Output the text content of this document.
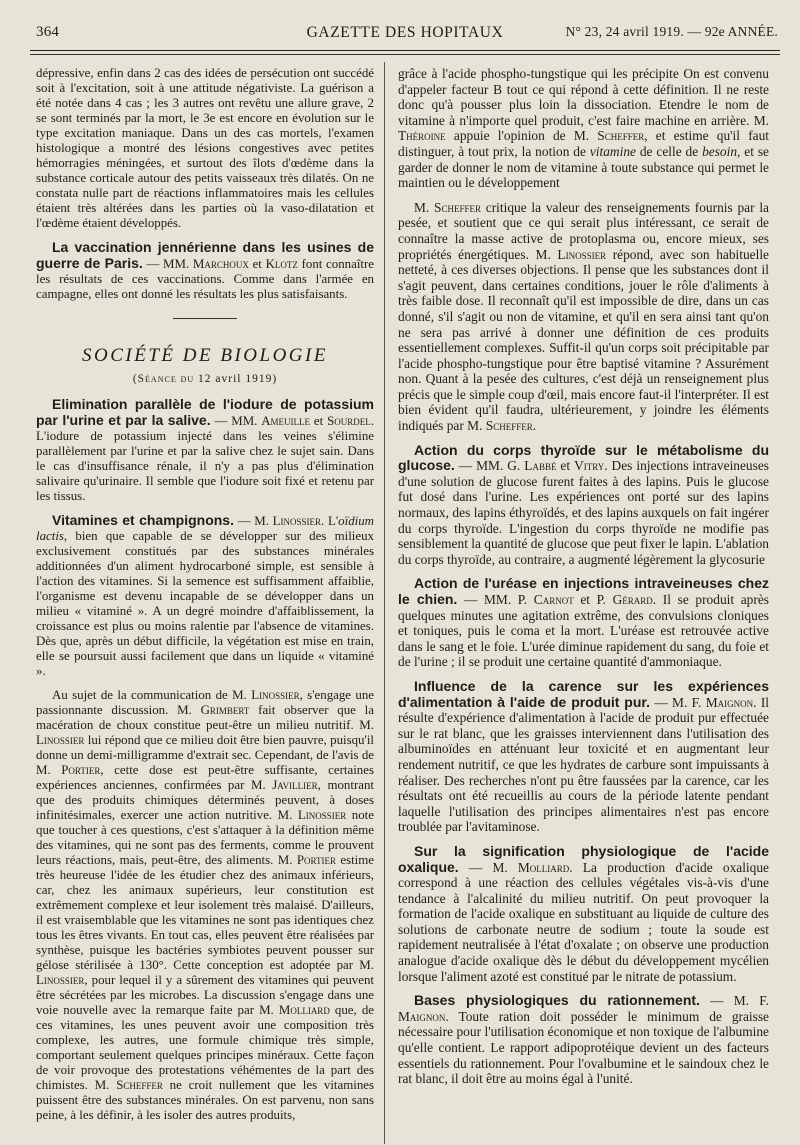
364	GAZETTE DES HOPITAUX	N° 23, 24 avril 1919. — 92e ANNÉE.

dépressive, enfin dans 2 cas des idées de persécution ont succédé soit à l'excitation, soit à une attitude négativiste. La guérison a été notée dans 4 cas ; les 3 autres ont revêtu une allure grave, 2 se sont terminés par la mort, le 3e est encore en évolution sur le type excitation maniaque. Dans un des cas mortels, l'examen histologique a montré des lésions congestives avec petites hémorragies méningées, et surtout des îlots d'œdème dans la substance corticale autour des petits vaisseaux très dilatés. On ne constata nulle part de réactions inflammatoires mais les cellules étaient très altérées dans les parties où la vaso-dilatation et l'œdème étaient développés.

La vaccination jennérienne dans les usines de guerre de Paris. — MM. Marchoux et Klotz font connaître les résultats de ces vaccinations. Comme dans l'armée en campagne, elles ont donné les résultats les plus satisfaisants.

SOCIÉTÉ DE BIOLOGIE
(Séance du 12 avril 1919)

Elimination parallèle de l'iodure de potassium par l'urine et par la salive. — MM. Ameuille et Sourdel. L'iodure de potassium injecté dans les veines s'élimine parallèlement par l'urine et par la salive chez le sujet sain. Dans le cas d'insuffisance rénale, il n'y a pas plus d'élimination salivaire qu'urinaire. Il semble que l'iodure soit fixé et retenu par les tissus.

Vitamines et champignons. — M. Linossier. L'oïdium lactis, bien que capable de se développer sur des milieux exclusivement constitués par des substances minérales additionnées d'un aliment hydrocarboné simple, est sensible à l'action des vitamines. Si la semence est suffisamment affaiblie, l'organisme est devenu incapable de se développer dans un milieu « vitaminé ». A un degré moindre d'affaiblissement, la croissance est plus ou moins ralentie par l'absence de vitamines. Dès que, après un début difficile, la végétation est mise en train, elle se poursuit aussi facilement que dans un liquide « vitaminé ».

Au sujet de la communication de M. Linossier, s'engage une passionnante discussion. M. Grimbert fait observer que la macération de choux constitue peut-être un milieu nutritif. M. Linossier lui répond que ce milieu doit être bien pauvre, puisqu'il donne un demi-milligramme d'extrait sec. Cependant, de l'avis de M. Portier, cette dose est peut-être suffisante, certaines expériences anciennes, confirmées par M. Javillier, montrant que des produits chimiques déterminés peuvent, à doses infinitésimales, exercer une action nutritive. M. Linossier note que toucher à ces questions, c'est s'attaquer à la définition même des vitamines, qui ne sont pas des ferments, comme le prouvent leurs réactions, mais, peut-être, des aliments. M. Portier estime très heureuse l'idée de les étudier chez des animaux inférieurs, car, chez les animaux supérieurs, leur constitution est extrêmement complexe et leur isolement très malaisé. D'ailleurs, il est vraisemblable que les vitamines ne sont pas identiques chez tous les êtres vivants. En tout cas, elles peuvent être réalisées par synthèse, puisque les bactéries symbiotes peuvent pousser sur gélose stérilisée à 130°. Cette conception est adoptée par M. Linossier, pour lequel il y a sûrement des vitamines qui peuvent être sécrétées par les microbes. La discussion s'engage dans une voie nouvelle avec la remarque faite par M. Molliard que, de ces vitamines, les unes peuvent avoir une composition très complexe, les autres, une formule chimique très simple, comportant seulement quelques principes minéraux. Cette façon de voir provoque des protestations véhémentes de la part des chimistes. M. Scheffer ne croit nullement que les vitamines puissent être des substances minérales. On est parvenu, non sans peine, à les définir, à les isoler des autres produits,

grâce à l'acide phospho-tungstique qui les précipite On est convenu d'appeler facteur B tout ce qui répond à cette définition. Il ne reste donc qu'à pousser plus loin la dissociation. Etendre le nom de vitamine à n'importe quel produit, c'est faire machine en arrière. M. Théroine appuie l'opinion de M. Scheffer, et estime qu'il faut distinguer, à tout prix, la notion de vitamine de celle de besoin, et se garder de donner le nom de vitamine à toute substance qui permet le maintien ou le développement

M. Scheffer critique la valeur des renseignements fournis par la pesée, et soutient que ce qui serait plus intéressant, ce serait de connaître la masse active de protoplasma ou, encore mieux, ses propriétés énergétiques. M. Linossier répond, avec son habituelle netteté, à ces diverses objections. Il pense que les substances dont il s'agit peuvent, dans certaines conditions, jouer le rôle d'aliments à très faible dose. Il reconnaît qu'il est impossible de dire, dans un cas donné, s'il s'agit ou non de vitamine, et qu'il en sera ainsi tant qu'on ne sera pas arrivé à donner une définition de ces produits essentiellement complexes. Suffit-il qu'un corps soit précipitable par l'acide phospho-tungstique pour être baptisé vitamine ? Assurément non. Quant à la pesée des cultures, c'est déjà un renseignement plus précis que le simple coup d'œil, mais encore faut-il l'interpréter. Il est bien évident qu'il faudra, ultérieurement, y joindre les éléments indiqués par M. Scheffer.

Action du corps thyroïde sur le métabolisme du glucose. — MM. G. Labbé et Vitry. Des injections intraveineuses d'une solution de glucose furent faites à des lapins. Puis le glucose fut dosé dans l'urine. Les expériences ont porté sur des lapins normaux, des lapins éthyroïdés, et des lapins auxquels on fait ingérer du corps thyroïde. L'ingestion du corps thyroïde ne modifie pas sensiblement la quantité de glucose que peut fixer le lapin. L'ablation du corps thyroïde, au contraire, a augmenté légèrement la glycosurie

Action de l'uréase en injections intraveineuses chez le chien. — MM. P. Carnot et P. Gérard. Il se produit après quelques minutes une agitation extrême, des convulsions cloniques et toniques, puis le coma et la mort. L'uréase est retrouvée active dans le sang et le foie. L'urée diminue rapidement du sang, du foie et de l'urine ; il se produit une certaine quantité d'ammoniaque.

Influence de la carence sur les expériences d'alimentation à l'aide de produit pur. — M. F. Maignon. Il résulte d'expérience d'alimentation à l'acide de produit pur effectuée sur le rat blanc, que les graisses interviennent dans l'utilisation des albuminoïdes en atténuant leur toxicité et en augmentant leur rendement nutritif, ce que les hydrates de carbure sont impuissants à réaliser. Des recherches n'ont pu être faussées par la carence, car les résultats ont été recueillis au cours de la période latente pendant laquelle l'utilisation des principes alimentaires n'est pas encore troublée par l'avitaminose.

Sur la signification physiologique de l'acide oxalique. — M. Molliard. La production d'acide oxalique correspond à une réaction des cellules végétales vis-à-vis d'une tendance à l'alcalinité du milieu nutritif. On peut provoquer la formation de l'acide oxalique en substituant au liquide de culture des solutions de carbonate neutre de sodium ; toute la soude est rapidement neutralisée à l'état d'oxalate ; on observe une production analogue d'acide oxalique dès le début du développement mycélien lorsque l'aliment azoté est constitué par le nitrate de potassium.

Bases physiologiques du rationnement. — M. F. Maignon. Toute ration doit posséder le minimum de graisse nécessaire pour l'utilisation économique et non toxique de l'albumine qu'elle contient. Le rapport adipoprotéique devient un des facteurs essentiels du rationnement. Pour l'ovalbumine et le saindoux chez le rat blanc, il doit être au moins égal à l'unité.
